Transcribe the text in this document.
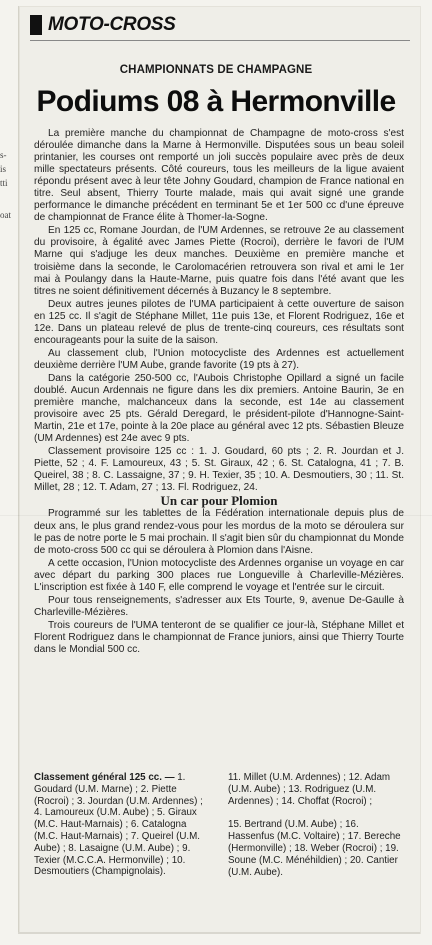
s-
is
tti
oat
MOTO-CROSS
CHAMPIONNATS DE CHAMPAGNE
Podiums 08 à Hermonville

La première manche du championnat de Champagne de moto-cross s'est déroulée dimanche dans la Marne à Hermonville. Disputées sous un beau soleil printanier, les courses ont remporté un joli succès populaire avec près de deux mille spectateurs présents. Côté coureurs, tous les meilleurs de la ligue avaient répondu présent avec à leur tête Johny Goudard, champion de France national en titre. Seul absent, Thierry Tourte malade, mais qui avait signé une grande performance le dimanche précédent en terminant 5e et 1er 500 cc d'une épreuve de championnat de France élite à Thomer-la-Sogne.

En 125 cc, Romane Jourdan, de l'UM Ardennes, se retrouve 2e au classement du provisoire, à égalité avec James Piette (Rocroi), derrière le favori de l'UM Marne qui s'adjuge les deux manches. Deuxième en première manche et troisième dans la seconde, le Carolomacérien retrouvera son rival et ami le 1er mai à Poulangy dans la Haute-Marne, puis quatre fois dans l'été avant que les titres ne soient définitivement décernés à Buzancy le 8 septembre.

Deux autres jeunes pilotes de l'UMA participaient à cette ouverture de saison en 125 cc. Il s'agit de Stéphane Millet, 11e puis 13e, et Florent Rodriguez, 16e et 12e. Dans un plateau relevé de plus de trente-cinq coureurs, ces résultats sont encourageants pour la suite de la saison.

Au classement club, l'Union motocycliste des Ardennes est actuellement deuxième derrière l'UM Aube, grande favorite (19 pts à 27).

Dans la catégorie 250-500 cc, l'Aubois Christophe Opillard a signé un facile doublé. Aucun Ardennais ne figure dans les dix premiers. Antoine Baurin, 3e en première manche, malchanceux dans la seconde, est 14e au classement provisoire avec 25 pts. Gérald Deregard, le président-pilote d'Hannogne-Saint-Martin, 21e et 17e, pointe à la 20e place au général avec 12 pts. Sébastien Bleuze (UM Ardennes) est 24e avec 9 pts.

Classement provisoire 125 cc : 1. J. Goudard, 60 pts ; 2. R. Jourdan et J. Piette, 52 ; 4. F. Lamoureux, 43 ; 5. St. Giraux, 42 ; 6. St. Catalogna, 41 ; 7. B. Queirel, 38 ; 8. C. Lassaigne, 37 ; 9. H. Texier, 35 ; 10. A. Desmoutiers, 30 ; 11. St. Millet, 28 ; 12. T. Adam, 27 ; 13. Fl. Rodriguez, 24.

Un car pour Plomion

Programmé sur les tablettes de la Fédération internationale depuis plus de deux ans, le plus grand rendez-vous pour les mordus de la moto se déroulera sur le pas de notre porte le 5 mai prochain. Il s'agit bien sûr du championnat du Monde de moto-cross 500 cc qui se déroulera à Plomion dans l'Aisne.

A cette occasion, l'Union motocycliste des Ardennes organise un voyage en car avec départ du parking 300 places rue Longueville à Charleville-Mézières. L'inscription est fixée à 140 F, elle comprend le voyage et l'entrée sur le circuit.

Pour tous renseignements, s'adresser aux Ets Tourte, 9, avenue De-Gaulle à Charleville-Mézières.

Trois coureurs de l'UMA tenteront de se qualifier ce jour-là, Stéphane Millet et Florent Rodriguez dans le championnat de France juniors, ainsi que Thierry Tourte dans le Mondial 500 cc.

Classement général 125 cc. — 1. Goudard (U.M. Marne) ; 2. Piette (Rocroi) ; 3. Jourdan (U.M. Ardennes) ; 4. Lamoureux (U.M. Aube) ; 5. Giraux (M.C. Haut-Marnais) ; 6. Catalogna (M.C. Haut-Marnais) ; 7. Queirel (U.M. Aube) ; 8. Lasaigne (U.M. Aube) ; 9. Texier (M.C.C.A. Hermonville) ; 10. Desmoutiers (Champignolais).
11. Millet (U.M. Ardennes) ; 12. Adam (U.M. Aube) ; 13. Rodriguez (U.M. Ardennes) ; 14. Choffat (Rocroi) ;
15. Bertrand (U.M. Aube) ; 16. Hassenfus (M.C. Voltaire) ; 17. Bereche (Hermonville) ; 18. Weber (Rocroi) ; 19. Soune (M.C. Ménéhildien) ; 20. Cantier (U.M. Aube).
